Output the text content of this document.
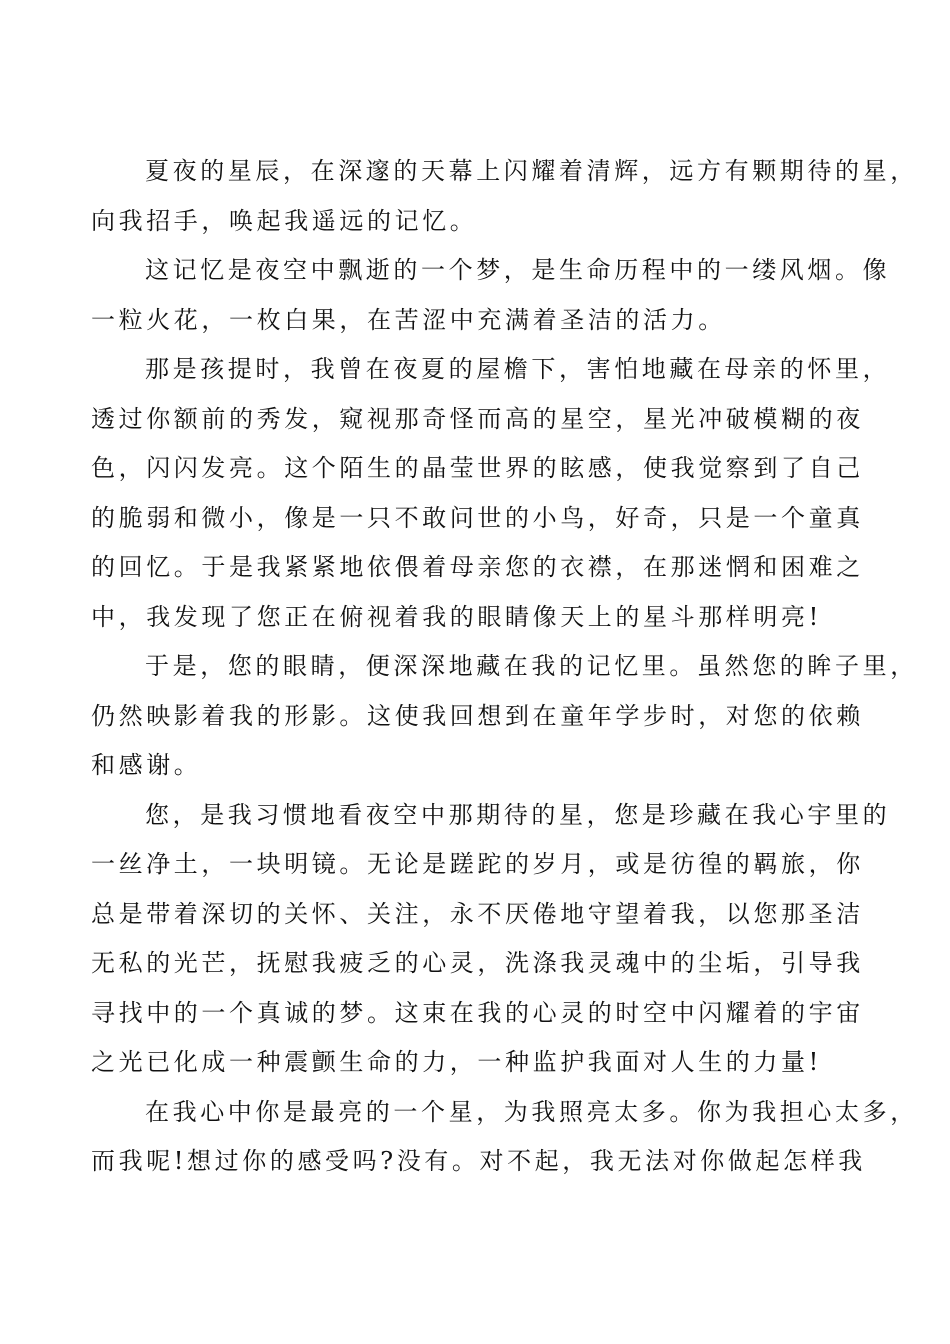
夏夜的星辰，在深邃的天幕上闪耀着清辉，远方有颗期待的星，
向我招手，唤起我遥远的记忆。

这记忆是夜空中飘逝的一个梦，是生命历程中的一缕风烟。像
一粒火花，一枚白果，在苦涩中充满着圣洁的活力。

那是孩提时，我曾在夜夏的屋檐下，害怕地藏在母亲的怀里，
透过你额前的秀发，窥视那奇怪而高的星空，星光冲破模糊的夜
色，闪闪发亮。这个陌生的晶莹世界的眩感，使我觉察到了自己
的脆弱和微小，像是一只不敢问世的小鸟，好奇，只是一个童真
的回忆。于是我紧紧地依偎着母亲您的衣襟，在那迷惘和困难之
中，我发现了您正在俯视着我的眼睛像天上的星斗那样明亮!

于是，您的眼睛，便深深地藏在我的记忆里。虽然您的眸子里，
仍然映影着我的形影。这使我回想到在童年学步时，对您的依赖
和感谢。

您，是我习惯地看夜空中那期待的星，您是珍藏在我心宇里的
一丝净土，一块明镜。无论是蹉跎的岁月，或是彷徨的羁旅，你
总是带着深切的关怀、关注，永不厌倦地守望着我，以您那圣洁
无私的光芒，抚慰我疲乏的心灵，洗涤我灵魂中的尘垢，引导我
寻找中的一个真诚的梦。这束在我的心灵的时空中闪耀着的宇宙
之光已化成一种震颤生命的力，一种监护我面对人生的力量!

在我心中你是最亮的一个星，为我照亮太多。你为我担心太多，
而我呢!想过你的感受吗?没有。对不起，我无法对你做起怎样我
